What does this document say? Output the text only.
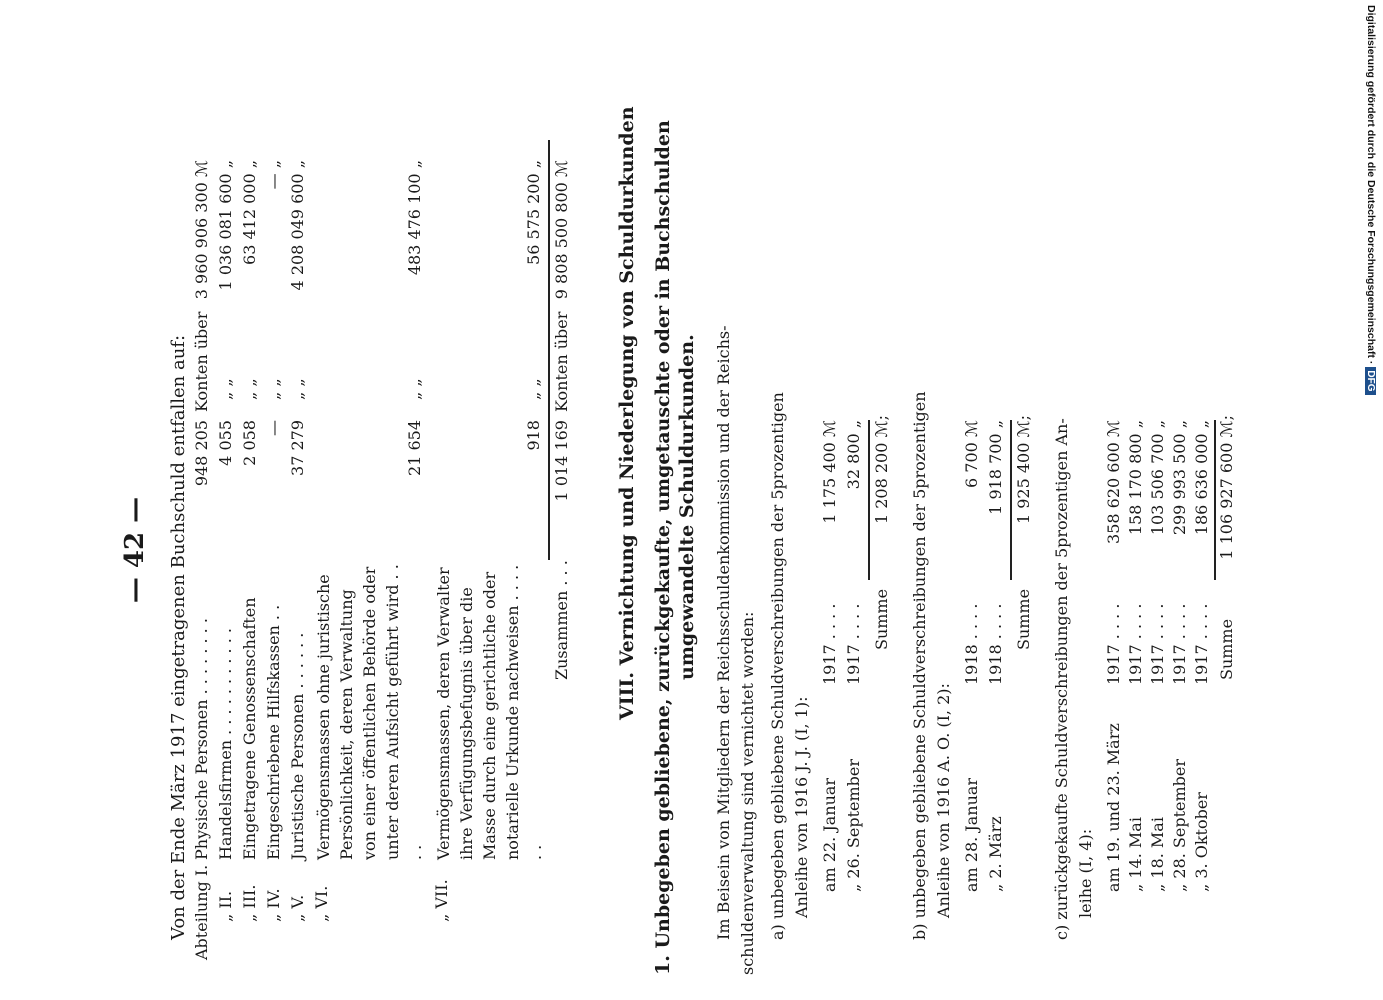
— 42 — Von der Ende März 1917 eingetragenen Buchschuld entfallen auf: Abteilung I.
Physische Personen . . . . . . . .
948 205
Konten über
3 960 906 300 ℳ
„ II.
Handelsfirmen . . . . . . . . . . .
4 055
„ „
1 036 081 600 „
„ III.
Eingetragene Genossenschaften
2 058
„ „
63 412 000 „
„ IV.
Eingeschriebene Hilfskassen . .
—
„ „
— „
„ V.
Juristische Personen . . . . . .
37 279
„ „
4 208 049 600 „
„ VI.
Vermögensmassen ohne juristische Persönlichkeit, deren Verwaltung von einer öffentlichen Behörde oder unter deren Aufsicht geführt wird . . . .
21 654
„ „
483 476 100 „
„ VII.
Vermögensmassen, deren Verwalter ihre Verfügungsbefugnis über die Masse durch eine gerichtliche oder notarielle Urkunde nachweisen . . . . . .
918
„ „
56 575 200 „
Zusammen . . .
1 014 169
Konten über
9 808 500 800 ℳ VIII. Vernichtung und Niederlegung von Schuldurkunden 1. Unbegeben gebliebene, zurückgekaufte, umgetauschte oder in Buchschulden umgewandelte Schuldurkunden. Im Beisein von Mitgliedern der Reichsschuldenkommission und der Reichs- schuldenverwaltung sind vernichtet worden: a) unbegeben gebliebene Schuldverschreibungen der 5prozentigen Anleihe von 1916 J. J. (I, 1): am 22. Januar
1917 . . . .
1 175 400 ℳ
„ 26. September
1917 . . . .
32 800 „
Summe
1 208 200 ℳ; b) unbegeben gebliebene Schuldverschreibungen der 5prozentigen Anleihe von 1916 A. O. (I, 2): am 28. Januar
1918 . . . .
6 700 ℳ
„ 2. März
1918 . . . .
1 918 700 „
Summe
1 925 400 ℳ; c) zurückgekaufte Schuldverschreibungen der 5prozentigen An- leihe (I, 4): am 19. und 23. März
1917 . . . .
358 620 600 ℳ
„ 14. Mai
1917 . . . .
158 170 800 „
„ 18. Mai
1917 . . . .
103 506 700 „
„ 28. September
1917 . . . .
299 993 500 „
„ 3. Oktober
1917 . . . .
186 636 000 „
Summe
1 106 927 600 ℳ;
Digitalisierung gefördert durch die Deutsche Forschungsgemeinschaft ·DFG
